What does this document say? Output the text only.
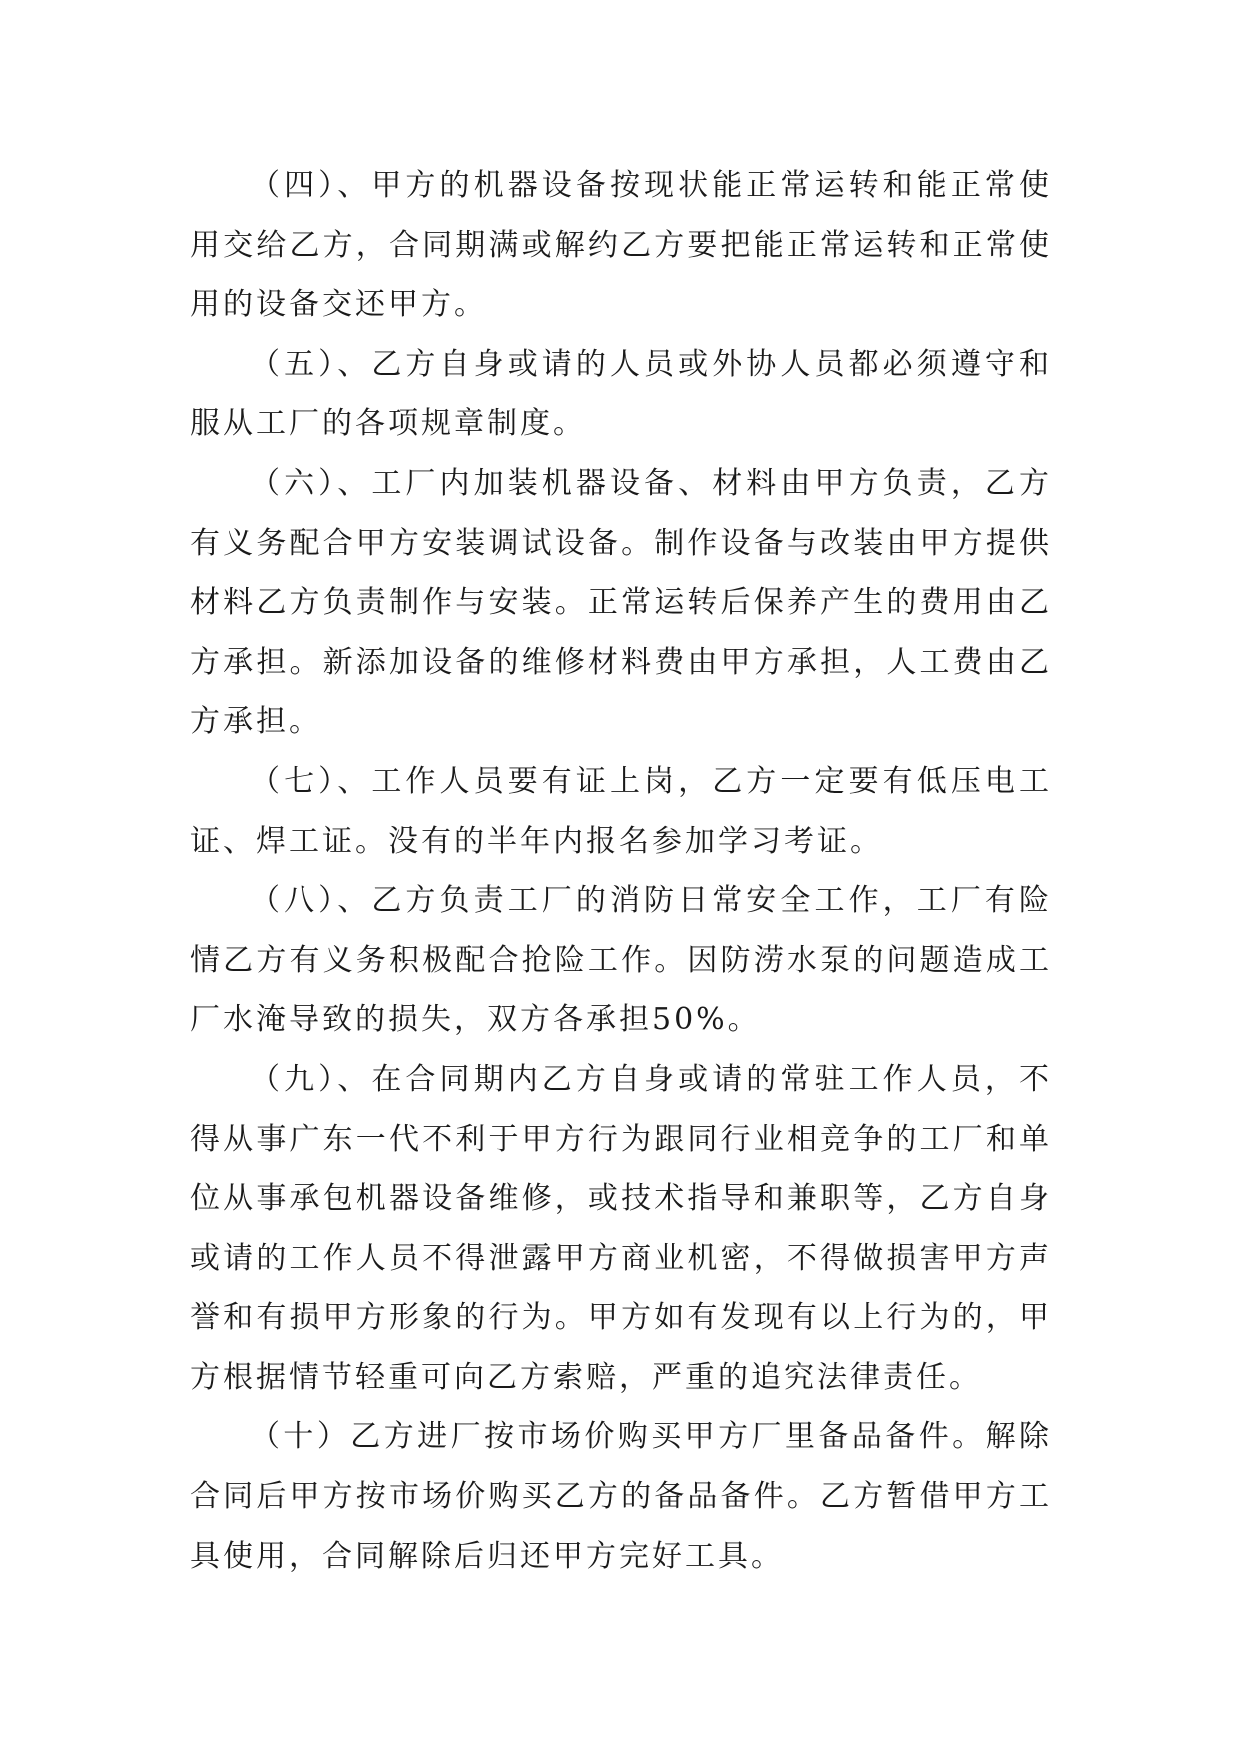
（四）、甲方的机器设备按现状能正常运转和能正常使用交给乙方，合同期满或解约乙方要把能正常运转和正常使用的设备交还甲方。

（五）、乙方自身或请的人员或外协人员都必须遵守和服从工厂的各项规章制度。

（六）、工厂内加装机器设备、材料由甲方负责，乙方有义务配合甲方安装调试设备。制作设备与改装由甲方提供材料乙方负责制作与安装。正常运转后保养产生的费用由乙方承担。新添加设备的维修材料费由甲方承担，人工费由乙方承担。

（七）、工作人员要有证上岗，乙方一定要有低压电工证、焊工证。没有的半年内报名参加学习考证。

（八）、乙方负责工厂的消防日常安全工作，工厂有险情乙方有义务积极配合抢险工作。因防涝水泵的问题造成工厂水淹导致的损失，双方各承担50%。

（九）、在合同期内乙方自身或请的常驻工作人员，不得从事广东一代不利于甲方行为跟同行业相竞争的工厂和单位从事承包机器设备维修，或技术指导和兼职等，乙方自身或请的工作人员不得泄露甲方商业机密，不得做损害甲方声誉和有损甲方形象的行为。甲方如有发现有以上行为的，甲方根据情节轻重可向乙方索赔，严重的追究法律责任。

（十）乙方进厂按市场价购买甲方厂里备品备件。解除合同后甲方按市场价购买乙方的备品备件。乙方暂借甲方工具使用，合同解除后归还甲方完好工具。
